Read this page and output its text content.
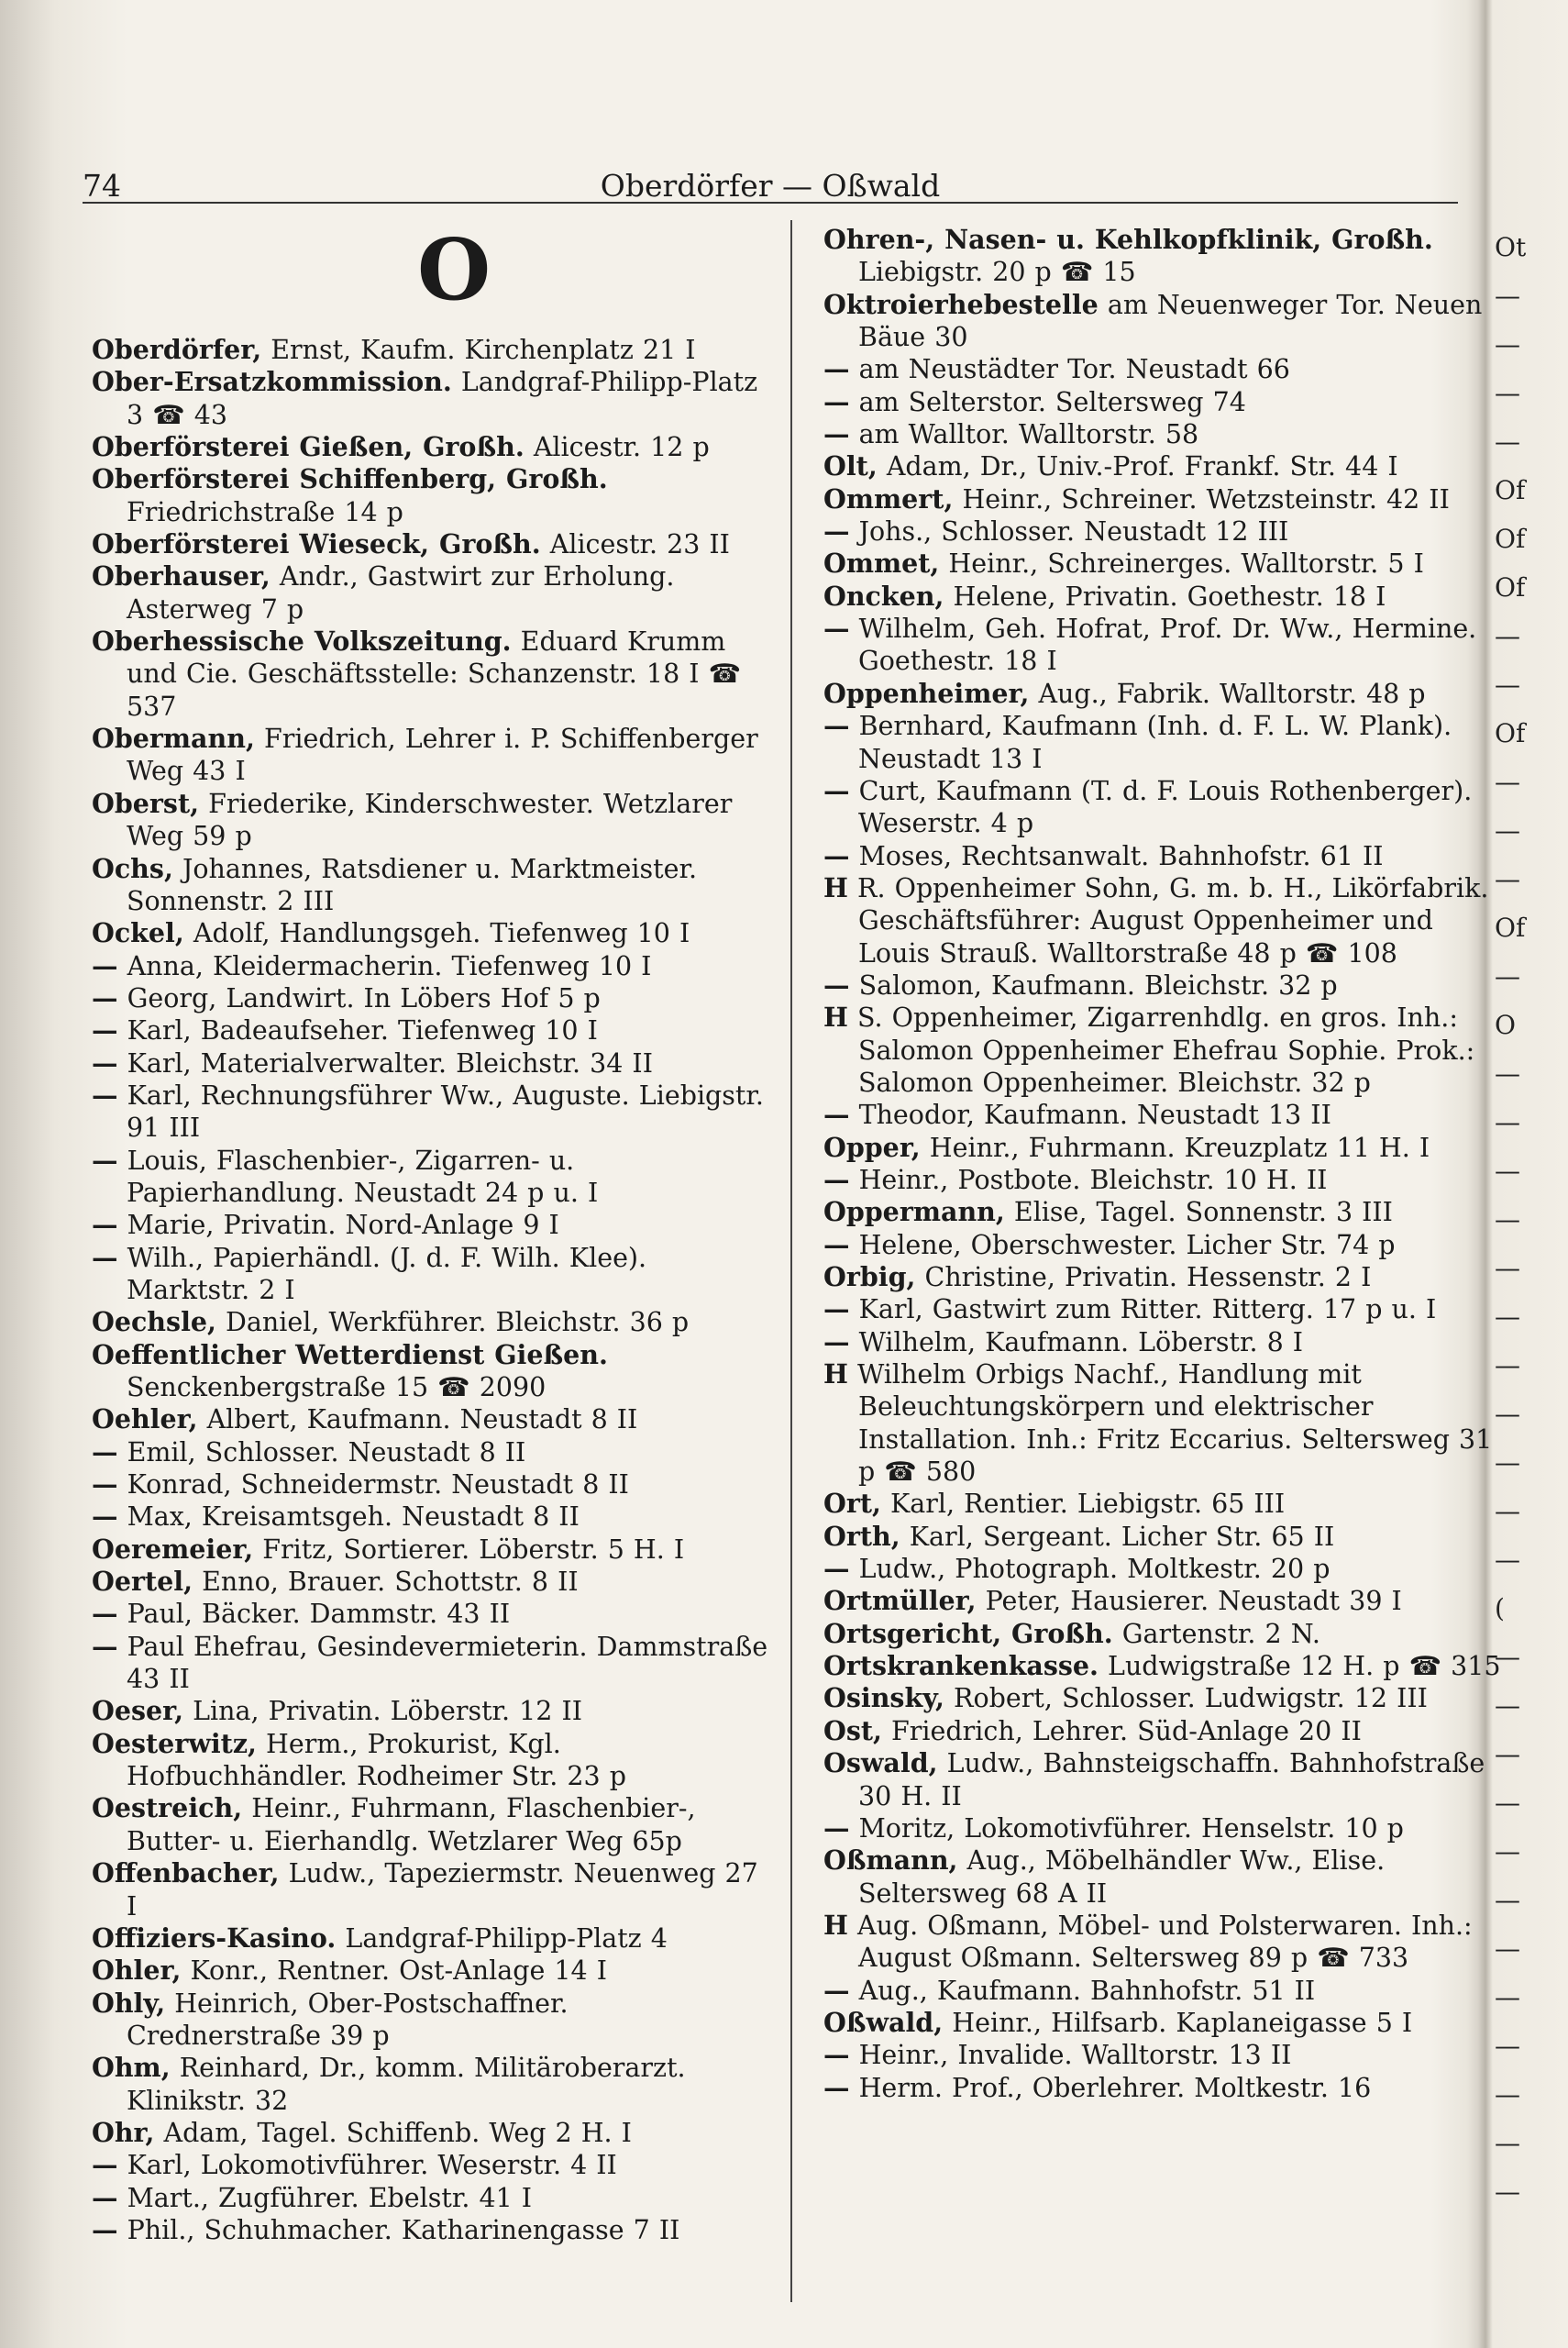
74	Oberdörfer — Oßwald
O
Oberdörfer, Ernst, Kaufm. Kirchenplatz 21 I
Ober-Ersatzkommission. Landgraf-Philipp-Platz 3 ☎ 43
Oberförsterei Gießen, Großh. Alicestr. 12 p
Oberförsterei Schiffenberg, Großh. Friedrichstraße 14 p
Oberförsterei Wieseck, Großh. Alicestr. 23 II
Oberhauser, Andr., Gastwirt zur Erholung. Asterweg 7 p
Oberhessische Volkszeitung. Eduard Krumm und Cie. Geschäftsstelle: Schanzenstr. 18 I ☎ 537
Obermann, Friedrich, Lehrer i. P. Schiffenberger Weg 43 I
Oberst, Friederike, Kinderschwester. Wetzlarer Weg 59 p
Ochs, Johannes, Ratsdiener u. Marktmeister. Sonnenstr. 2 III
Ockel, Adolf, Handlungsgeh. Tiefenweg 10 I
— Anna, Kleidermacherin. Tiefenweg 10 I
— Georg, Landwirt. In Löbers Hof 5 p
— Karl, Badeaufseher. Tiefenweg 10 I
— Karl, Materialverwalter. Bleichstr. 34 II
— Karl, Rechnungsführer Ww., Auguste. Liebigstr. 91 III
— Louis, Flaschenbier-, Zigarren- u. Papierhandlung. Neustadt 24 p u. I
— Marie, Privatin. Nord-Anlage 9 I
— Wilh., Papierhändl. (J. d. F. Wilh. Klee). Marktstr. 2 I
Oechsle, Daniel, Werkführer. Bleichstr. 36 p
Oeffentlicher Wetterdienst Gießen. Senckenbergstraße 15 ☎ 2090
Oehler, Albert, Kaufmann. Neustadt 8 II
— Emil, Schlosser. Neustadt 8 II
— Konrad, Schneidermstr. Neustadt 8 II
— Max, Kreisamtsgeh. Neustadt 8 II
Oeremeier, Fritz, Sortierer. Löberstr. 5 H. I
Oertel, Enno, Brauer. Schottstr. 8 II
— Paul, Bäcker. Dammstr. 43 II
— Paul Ehefrau, Gesindevermieterin. Dammstraße 43 II
Oeser, Lina, Privatin. Löberstr. 12 II
Oesterwitz, Herm., Prokurist, Kgl. Hofbuchhändler. Rodheimer Str. 23 p
Oestreich, Heinr., Fuhrmann, Flaschenbier-, Butter- u. Eierhandlg. Wetzlarer Weg 65p
Offenbacher, Ludw., Tapeziermstr. Neuenweg 27 I
Offiziers-Kasino. Landgraf-Philipp-Platz 4
Ohler, Konr., Rentner. Ost-Anlage 14 I
Ohly, Heinrich, Ober-Postschaffner. Crednerstraße 39 p
Ohm, Reinhard, Dr., komm. Militäroberarzt. Klinikstr. 32
Ohr, Adam, Tagel. Schiffenb. Weg 2 H. I
— Karl, Lokomotivführer. Weserstr. 4 II
— Mart., Zugführer. Ebelstr. 41 I
— Phil., Schuhmacher. Katharinengasse 7 II
Ohren-, Nasen- u. Kehlkopfklinik, Großh. Liebigstr. 20 p ☎ 15
Oktroierhebestelle am Neuenweger Tor. Neuen Bäue 30
— am Neustädter Tor. Neustadt 66
— am Selterstor. Seltersweg 74
— am Walltor. Walltorstr. 58
Olt, Adam, Dr., Univ.-Prof. Frankf. Str. 44 I
Ommert, Heinr., Schreiner. Wetzsteinstr. 42 II
— Johs., Schlosser. Neustadt 12 III
Ommet, Heinr., Schreinerges. Walltorstr. 5 I
Oncken, Helene, Privatin. Goethestr. 18 I
— Wilhelm, Geh. Hofrat, Prof. Dr. Ww., Hermine. Goethestr. 18 I
Oppenheimer, Aug., Fabrik. Walltorstr. 48 p
— Bernhard, Kaufmann (Inh. d. F. L. W. Plank). Neustadt 13 I
— Curt, Kaufmann (T. d. F. Louis Rothenberger). Weserstr. 4 p
— Moses, Rechtsanwalt. Bahnhofstr. 61 II
H R. Oppenheimer Sohn, G. m. b. H., Likörfabrik. Geschäftsführer: August Oppenheimer und Louis Strauß. Walltorstraße 48 p ☎ 108
— Salomon, Kaufmann. Bleichstr. 32 p
H S. Oppenheimer, Zigarrenhdlg. en gros. Inh.: Salomon Oppenheimer Ehefrau Sophie. Prok.: Salomon Oppenheimer. Bleichstr. 32 p
— Theodor, Kaufmann. Neustadt 13 II
Opper, Heinr., Fuhrmann. Kreuzplatz 11 H. I
— Heinr., Postbote. Bleichstr. 10 H. II
Oppermann, Elise, Tagel. Sonnenstr. 3 III
— Helene, Oberschwester. Licher Str. 74 p
Orbig, Christine, Privatin. Hessenstr. 2 I
— Karl, Gastwirt zum Ritter. Ritterg. 17 p u. I
— Wilhelm, Kaufmann. Löberstr. 8 I
H Wilhelm Orbigs Nachf., Handlung mit Beleuchtungskörpern und elektrischer Installation. Inh.: Fritz Eccarius. Seltersweg 31 p ☎ 580
Ort, Karl, Rentier. Liebigstr. 65 III
Orth, Karl, Sergeant. Licher Str. 65 II
— Ludw., Photograph. Moltkestr. 20 p
Ortmüller, Peter, Hausierer. Neustadt 39 I
Ortsgericht, Großh. Gartenstr. 2 N.
Ortskrankenkasse. Ludwigstraße 12 H. p ☎ 315
Osinsky, Robert, Schlosser. Ludwigstr. 12 III
Ost, Friedrich, Lehrer. Süd-Anlage 20 II
Oswald, Ludw., Bahnsteigschaffn. Bahnhofstraße 30 H. II
— Moritz, Lokomotivführer. Henselstr. 10 p
Oßmann, Aug., Möbelhändler Ww., Elise. Seltersweg 68 A II
H Aug. Oßmann, Möbel- und Polsterwaren. Inh.: August Oßmann. Seltersweg 89 p ☎ 733
— Aug., Kaufmann. Bahnhofstr. 51 II
Oßwald, Heinr., Hilfsarb. Kaplaneigasse 5 I
— Heinr., Invalide. Walltorstr. 13 II
— Herm. Prof., Oberlehrer. Moltkestr. 16
Ot
—
—
—
—
Of
Of
Of
—
—
Of
—
—
—
Of
—
O
—
—
—
—
—
—
—
—
—
—
—
(
—
—
—
—
—
—
—
—
—
—
—
—
